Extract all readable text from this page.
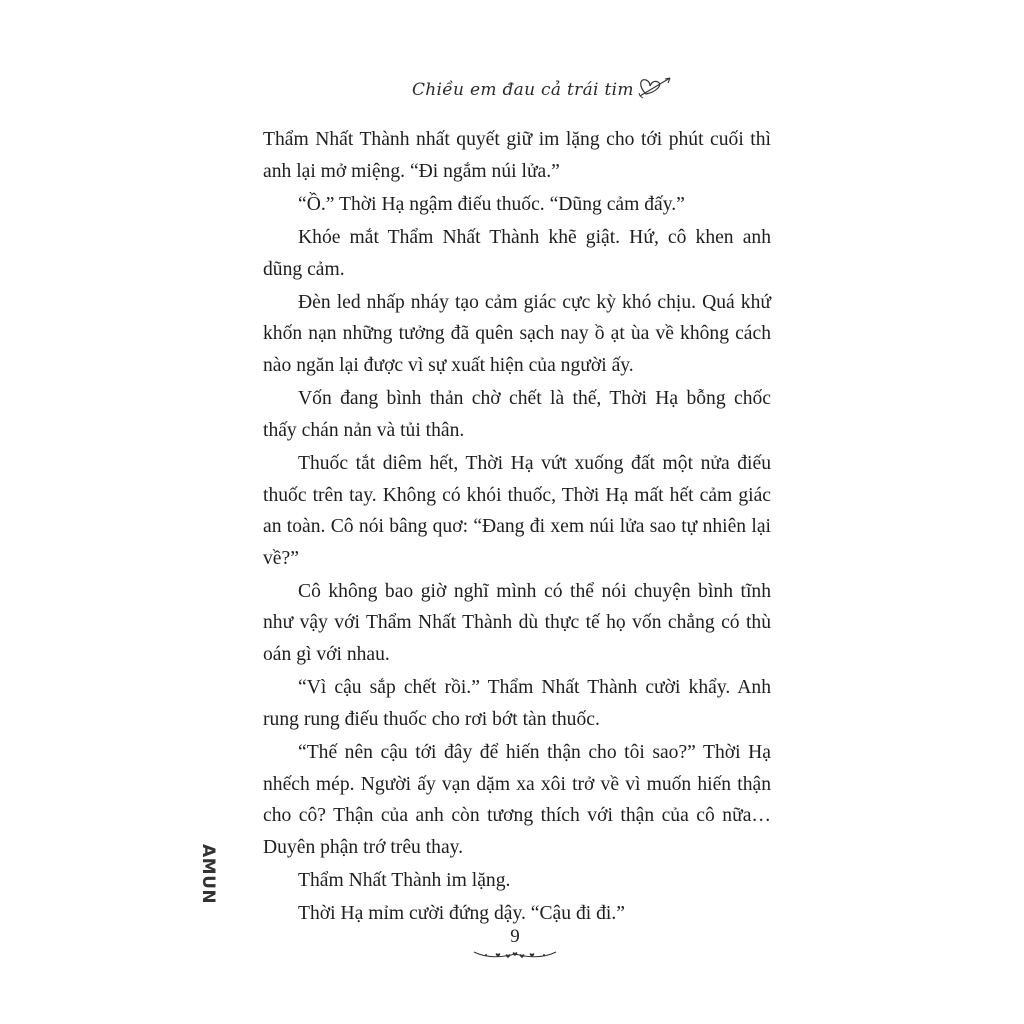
Chiều em đau cả trái tim

Thẩm Nhất Thành nhất quyết giữ im lặng cho tới phút cuối thì anh lại mở miệng. “Đi ngắm núi lửa.”

“Ồ.” Thời Hạ ngậm điếu thuốc. “Dũng cảm đấy.”

Khóe mắt Thẩm Nhất Thành khẽ giật. Hứ, cô khen anh dũng cảm.

Đèn led nhấp nháy tạo cảm giác cực kỳ khó chịu. Quá khứ khốn nạn những tưởng đã quên sạch nay ồ ạt ùa về không cách nào ngăn lại được vì sự xuất hiện của người ấy.

Vốn đang bình thản chờ chết là thế, Thời Hạ bỗng chốc thấy chán nản và tủi thân.

Thuốc tắt diêm hết, Thời Hạ vứt xuống đất một nửa điếu thuốc trên tay. Không có khói thuốc, Thời Hạ mất hết cảm giác an toàn. Cô nói bâng quơ: “Đang đi xem núi lửa sao tự nhiên lại về?”

Cô không bao giờ nghĩ mình có thể nói chuyện bình tĩnh như vậy với Thẩm Nhất Thành dù thực tế họ vốn chẳng có thù oán gì với nhau.

“Vì cậu sắp chết rồi.” Thẩm Nhất Thành cười khẩy. Anh rung rung điếu thuốc cho rơi bớt tàn thuốc.

“Thế nên cậu tới đây để hiến thận cho tôi sao?” Thời Hạ nhếch mép. Người ấy vạn dặm xa xôi trở về vì muốn hiến thận cho cô? Thận của anh còn tương thích với thận của cô nữa… Duyên phận trớ trêu thay.

Thẩm Nhất Thành im lặng.

Thời Hạ mỉm cười đứng dậy. “Cậu đi đi.”

AMUN
9
